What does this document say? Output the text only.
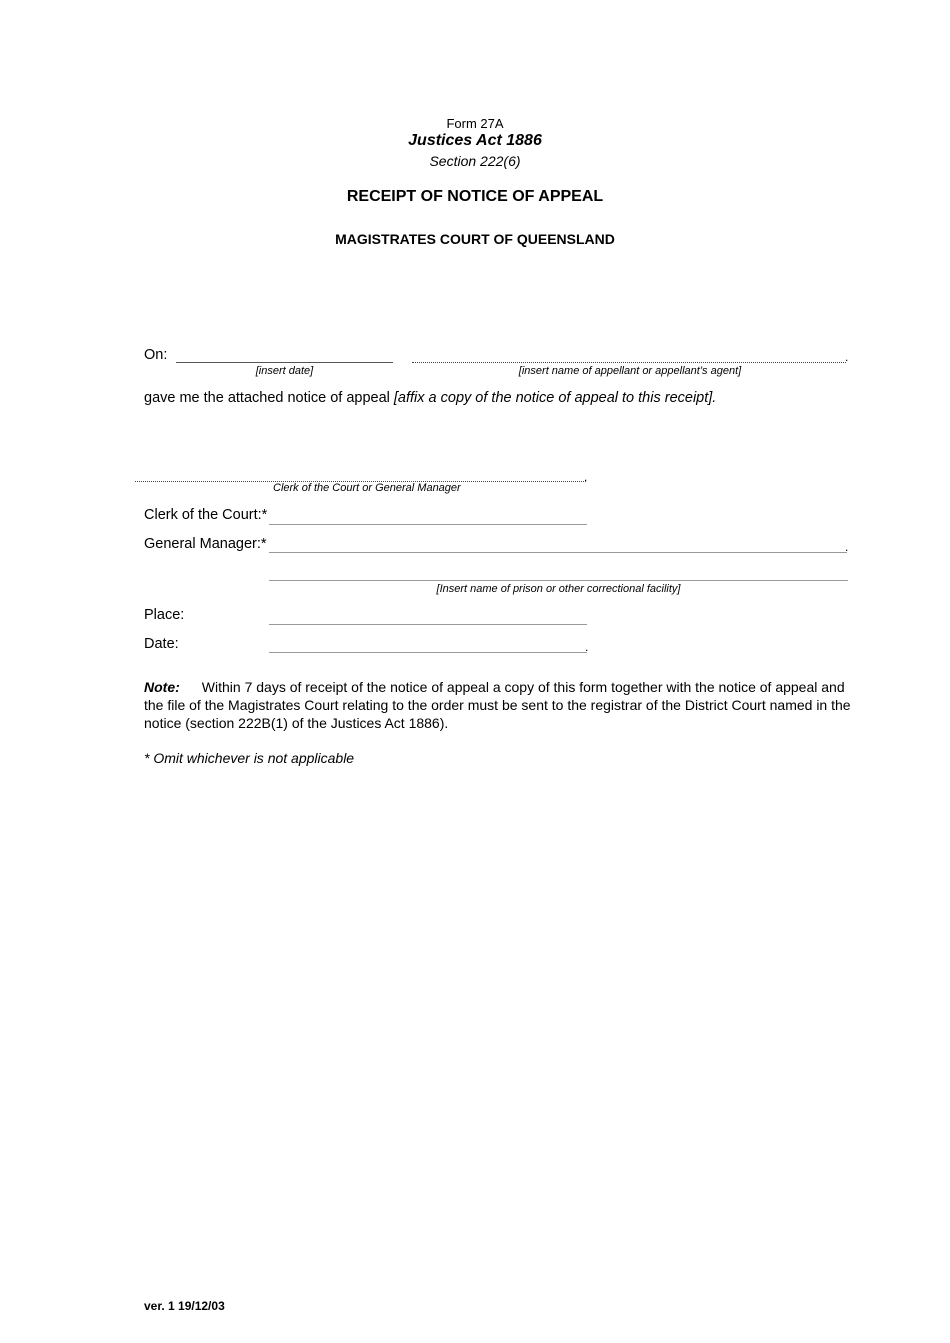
Form 27A
Justices Act 1886
Section 222(6)
RECEIPT OF NOTICE OF APPEAL
MAGISTRATES COURT OF QUEENSLAND
On:	.
[insert date]	[insert name of appellant or appellant’s agent]
gave me the attached notice of appeal [affix a copy of the notice of appeal to this receipt].
.
Clerk of the Court or General Manager
Clerk of the Court:*
General Manager:*	.
[Insert name of prison or other correctional facility]
Place:
Date:	.
Note: Within 7 days of receipt of the notice of appeal a copy of this form together with the notice of appeal and the file of the Magistrates Court relating to the order must be sent to the registrar of the District Court named in the notice (section 222B(1) of the Justices Act 1886).
* Omit whichever is not applicable
ver. 1 19/12/03
